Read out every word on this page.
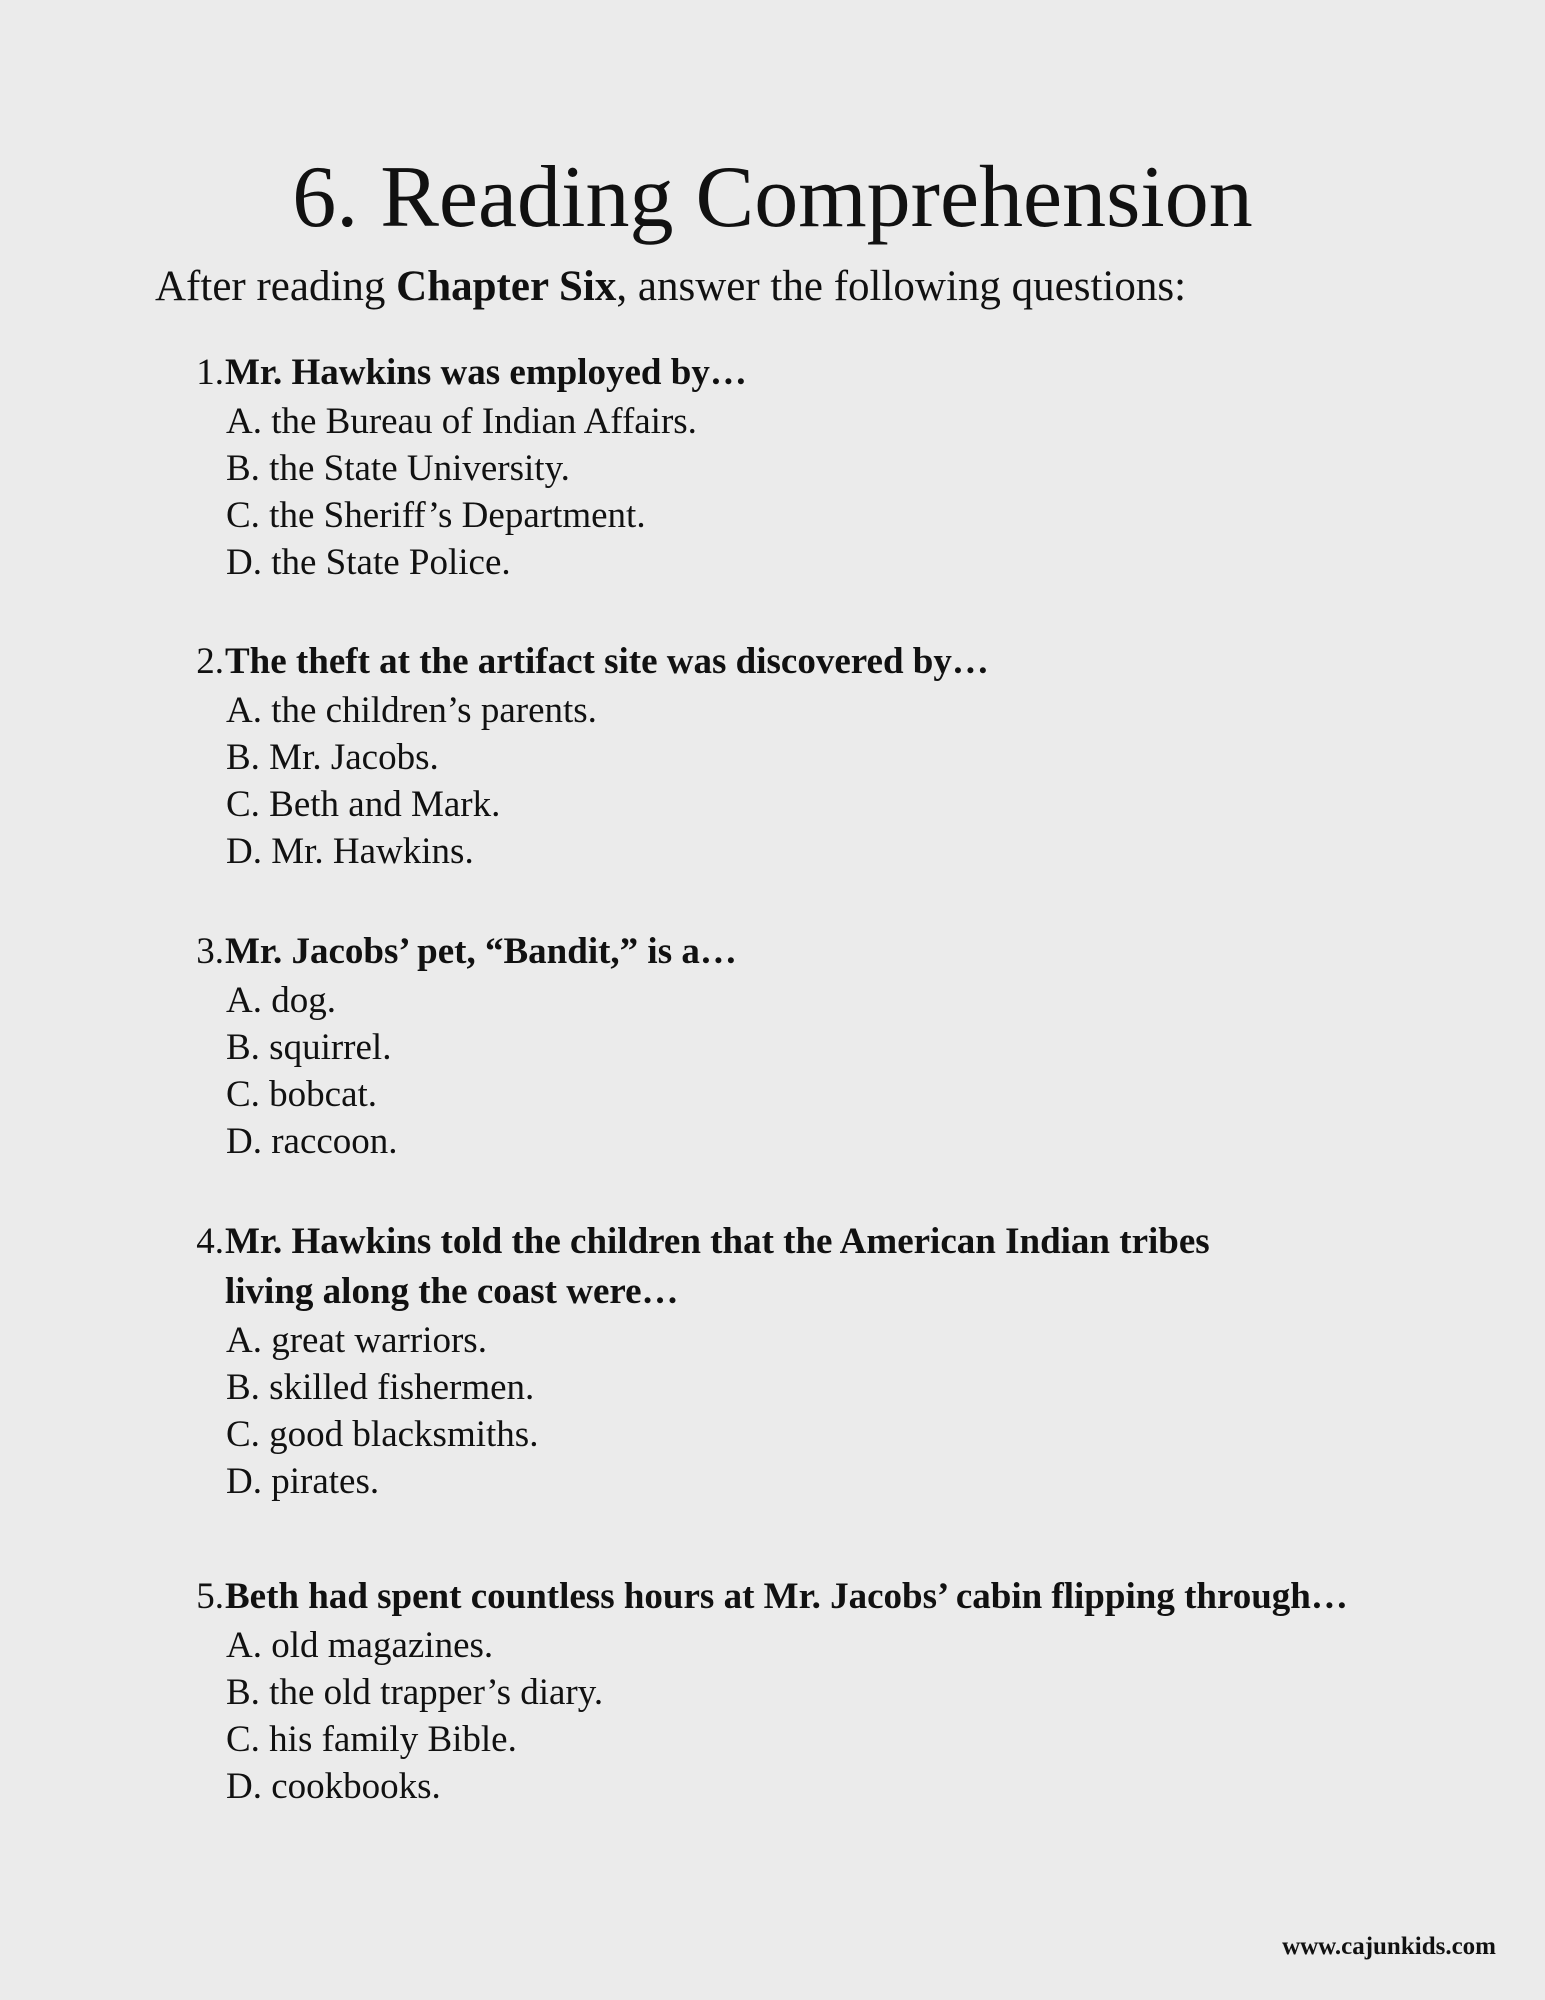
6. Reading Comprehension
After reading Chapter Six, answer the following questions:
1. Mr. Hawkins was employed by…
A. the Bureau of Indian Affairs.
B. the State University.
C. the Sheriff’s Department.
D. the State Police.
2. The theft at the artifact site was discovered by…
A. the children’s parents.
B. Mr. Jacobs.
C. Beth and Mark.
D. Mr. Hawkins.
3. Mr. Jacobs’ pet, “Bandit,” is a…
A. dog.
B. squirrel.
C. bobcat.
D. raccoon.
4. Mr. Hawkins told the children that the American Indian tribes living along the coast were…
A. great warriors.
B. skilled fishermen.
C. good blacksmiths.
D. pirates.
5. Beth had spent countless hours at Mr. Jacobs’ cabin flipping through…
A. old magazines.
B. the old trapper’s diary.
C. his family Bible.
D. cookbooks.
www.cajunkids.com
